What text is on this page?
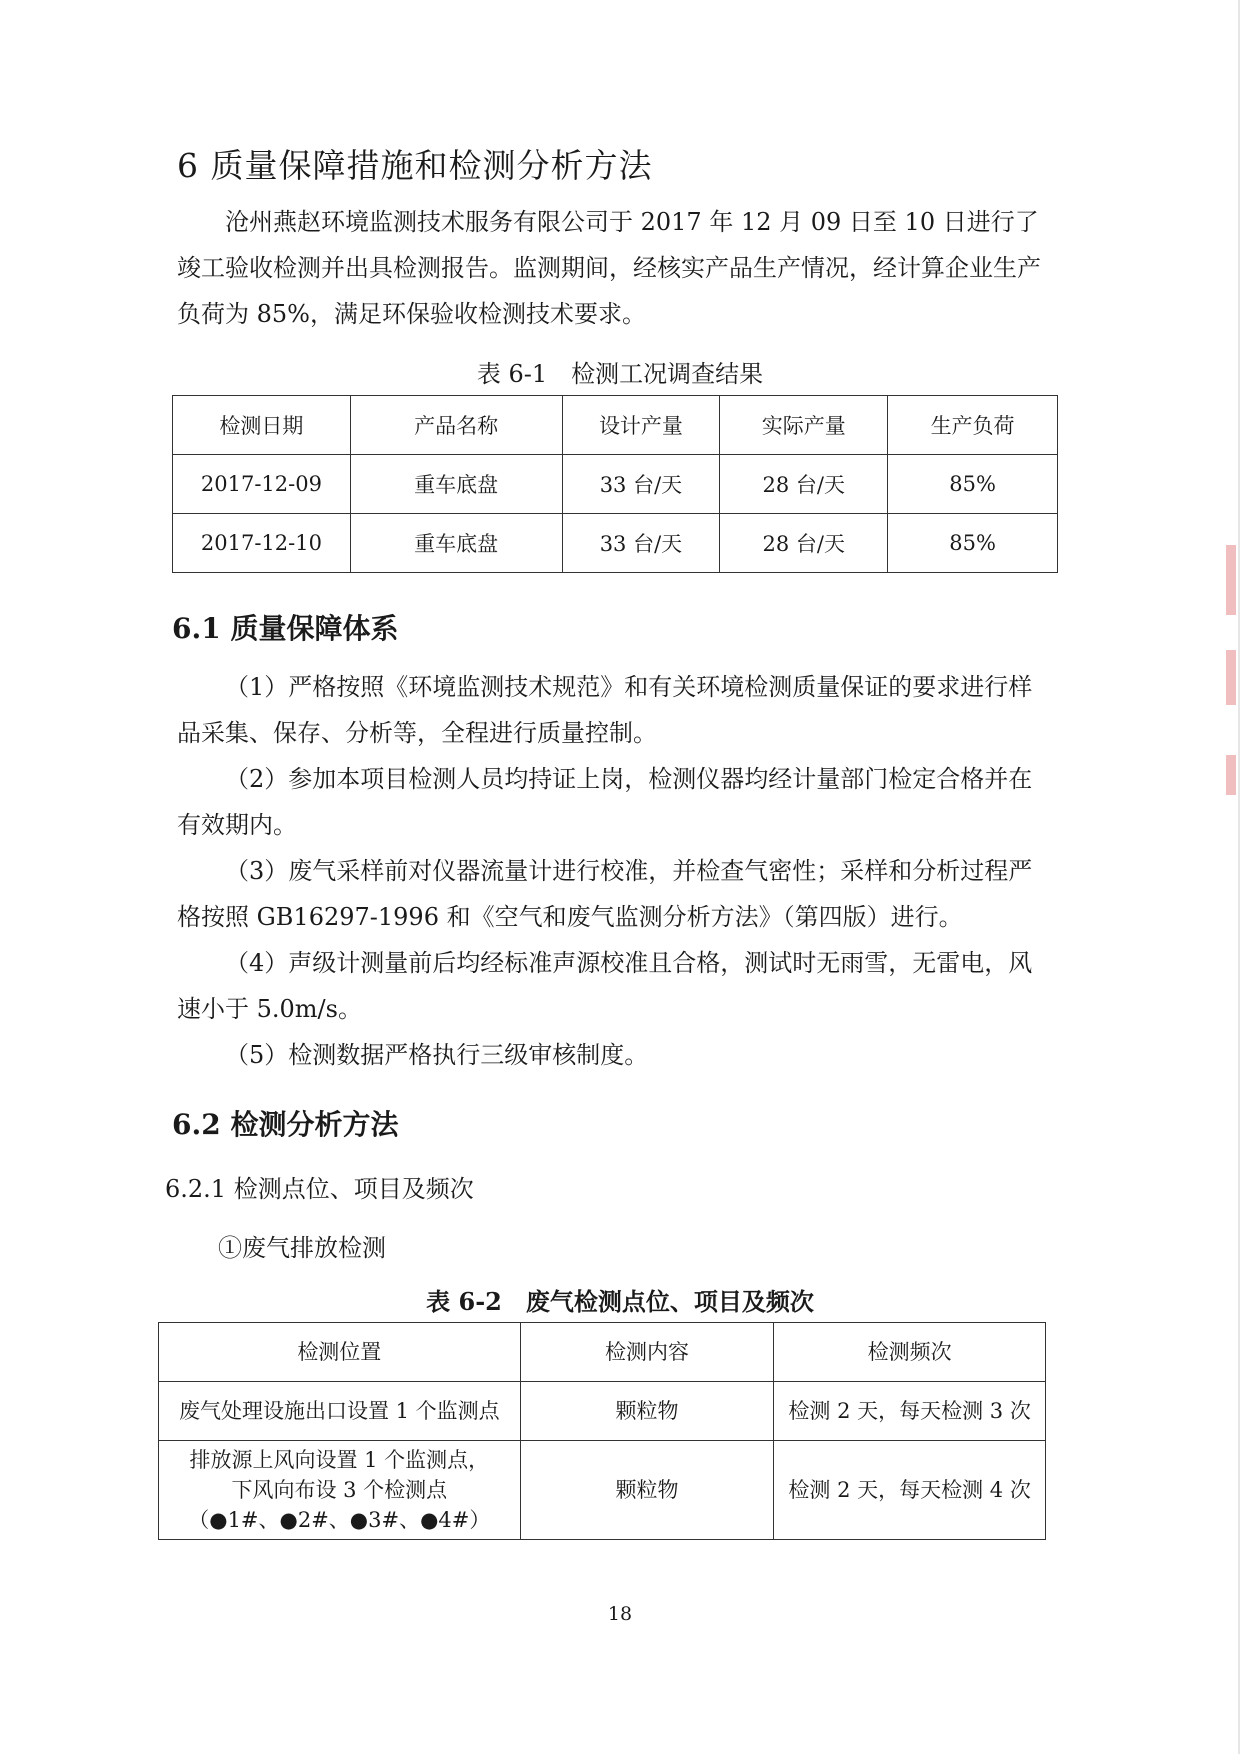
6 质量保障措施和检测分析方法
沧州燕赵环境监测技术服务有限公司于 2017 年 12 月 09 日至 10 日进行了竣工验收检测并出具检测报告。监测期间，经核实产品生产情况，经计算企业生产负荷为 85%，满足环保验收检测技术要求。
表 6-1　检测工况调查结果
检测日期	产品名称	设计产量	实际产量	生产负荷
2017-12-09	重车底盘	33 台/天	28 台/天	85%
2017-12-10	重车底盘	33 台/天	28 台/天	85%
6.1 质量保障体系
（1）严格按照《环境监测技术规范》和有关环境检测质量保证的要求进行样品采集、保存、分析等，全程进行质量控制。
（2）参加本项目检测人员均持证上岗，检测仪器均经计量部门检定合格并在有效期内。
（3）废气采样前对仪器流量计进行校准，并检查气密性；采样和分析过程严格按照 GB16297-1996 和《空气和废气监测分析方法》（第四版）进行。
（4）声级计测量前后均经标准声源校准且合格，测试时无雨雪，无雷电，风速小于 5.0m/s。
（5）检测数据严格执行三级审核制度。
6.2 检测分析方法
6.2.1 检测点位、项目及频次
①废气排放检测
表 6-2　废气检测点位、项目及频次
检测位置	检测内容	检测频次
废气处理设施出口设置 1 个监测点	颗粒物	检测 2 天，每天检测 3 次

排放源上风向设置 1 个监测点，
下风向布设 3 个检测点
（●1#、●2#、●3#、●4#）	颗粒物	检测 2 天，每天检测 4 次
18
